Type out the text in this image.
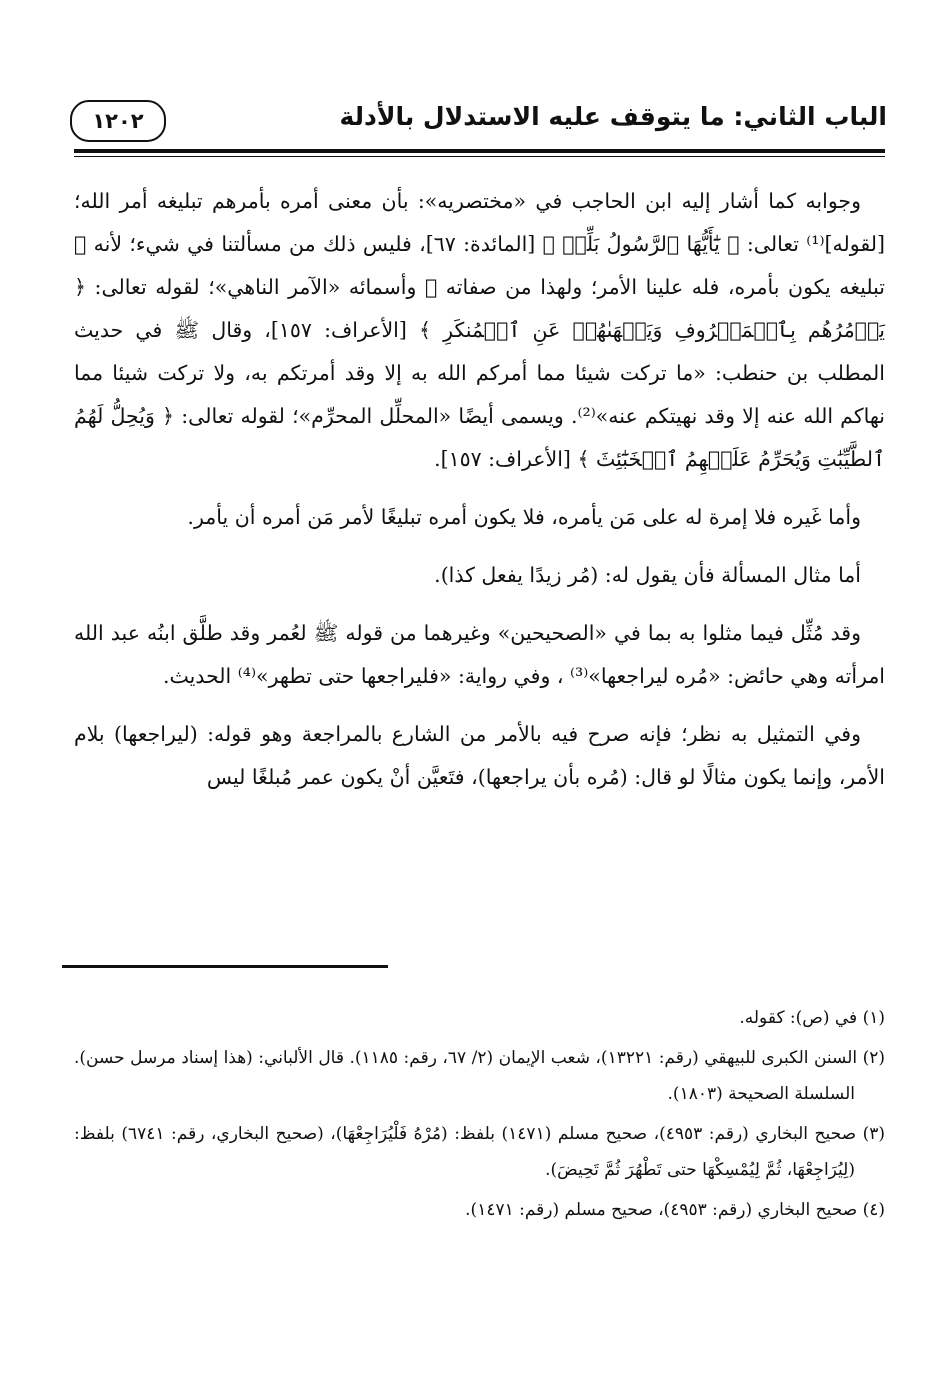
الباب الثاني: ما يتوقف عليه الاستدلال بالأدلة
١٢٠٢

وجوابه كما أشار إليه ابن الحاجب في «مختصريه»: بأن معنى أمره بأمرهم تبليغه أمر الله؛ [لقوله]⁽¹⁾ تعالى: ﴿ يَٰٓأَيُّهَا ٱلرَّسُولُ بَلِّغۡ ﴾ [المائدة: ٦٧]، فليس ذلك من مسألتنا في شيء؛ لأنه ﷺ تبليغه يكون بأمره، فله علينا الأمر؛ ولهذا من صفاته ﷺ وأسمائه «الآمر الناهي»؛ لقوله تعالى: ﴿ يَأۡمُرُهُم بِٱلۡمَعۡرُوفِ وَيَنۡهَىٰهُمۡ عَنِ ٱلۡمُنكَرِ ﴾ [الأعراف: ١٥٧]، وقال ﷺ في حديث المطلب بن حنطب: «ما تركت شيئا مما أمركم الله به إلا وقد أمرتكم به، ولا تركت شيئا مما نهاكم الله عنه إلا وقد نهيتكم عنه»⁽²⁾. ويسمى أيضًا «المحلِّل المحرِّم»؛ لقوله تعالى: ﴿ وَيُحِلُّ لَهُمُ ٱلطَّيِّبَٰتِ وَيُحَرِّمُ عَلَيۡهِمُ ٱلۡخَبَٰٓئِثَ ﴾ [الأعراف: ١٥٧].

وأما غَيره فلا إمرة له على مَن يأمره، فلا يكون أمره تبليغًا لأمر مَن أمره أن يأمر.

أما مثال المسألة فأن يقول له: (مُر زيدًا يفعل كذا).

وقد مُثِّل فيما مثلوا به بما في «الصحيحين» وغيرهما من قوله ﷺ لعُمر وقد طلَّق ابنُه عبد الله امرأته وهي حائض: «مُره ليراجعها»⁽³⁾ ، وفي رواية: «فليراجعها حتى تطهر»⁽⁴⁾ الحديث.

وفي التمثيل به نظر؛ فإنه صرح فيه بالأمر من الشارع بالمراجعة وهو قوله: (ليراجعها) بلام الأمر، وإنما يكون مثالًا لو قال: (مُره بأن يراجعها)، فتَعيَّن أنْ يكون عمر مُبلغًا ليس

(١) في (ص): كقوله.

(٢) السنن الكبرى للبيهقي (رقم: ١٣٢٢١)، شعب الإيمان (٢/ ٦٧، رقم: ١١٨٥). قال الألباني: (هذا إسناد مرسل حسن). السلسلة الصحيحة (١٨٠٣).

(٣) صحيح البخاري (رقم: ٤٩٥٣)، صحيح مسلم (١٤٧١) بلفظ: (مُرْهُ فَلْيُرَاجِعْهَا)، (صحيح البخاري، رقم: ٦٧٤١) بلفظ: (لِيُرَاجِعْهَا، ثُمَّ لِيُمْسِكْهَا حتى تَطْهُرَ ثُمَّ تَحِيضَ).

(٤) صحيح البخاري (رقم: ٤٩٥٣)، صحيح مسلم (رقم: ١٤٧١).
